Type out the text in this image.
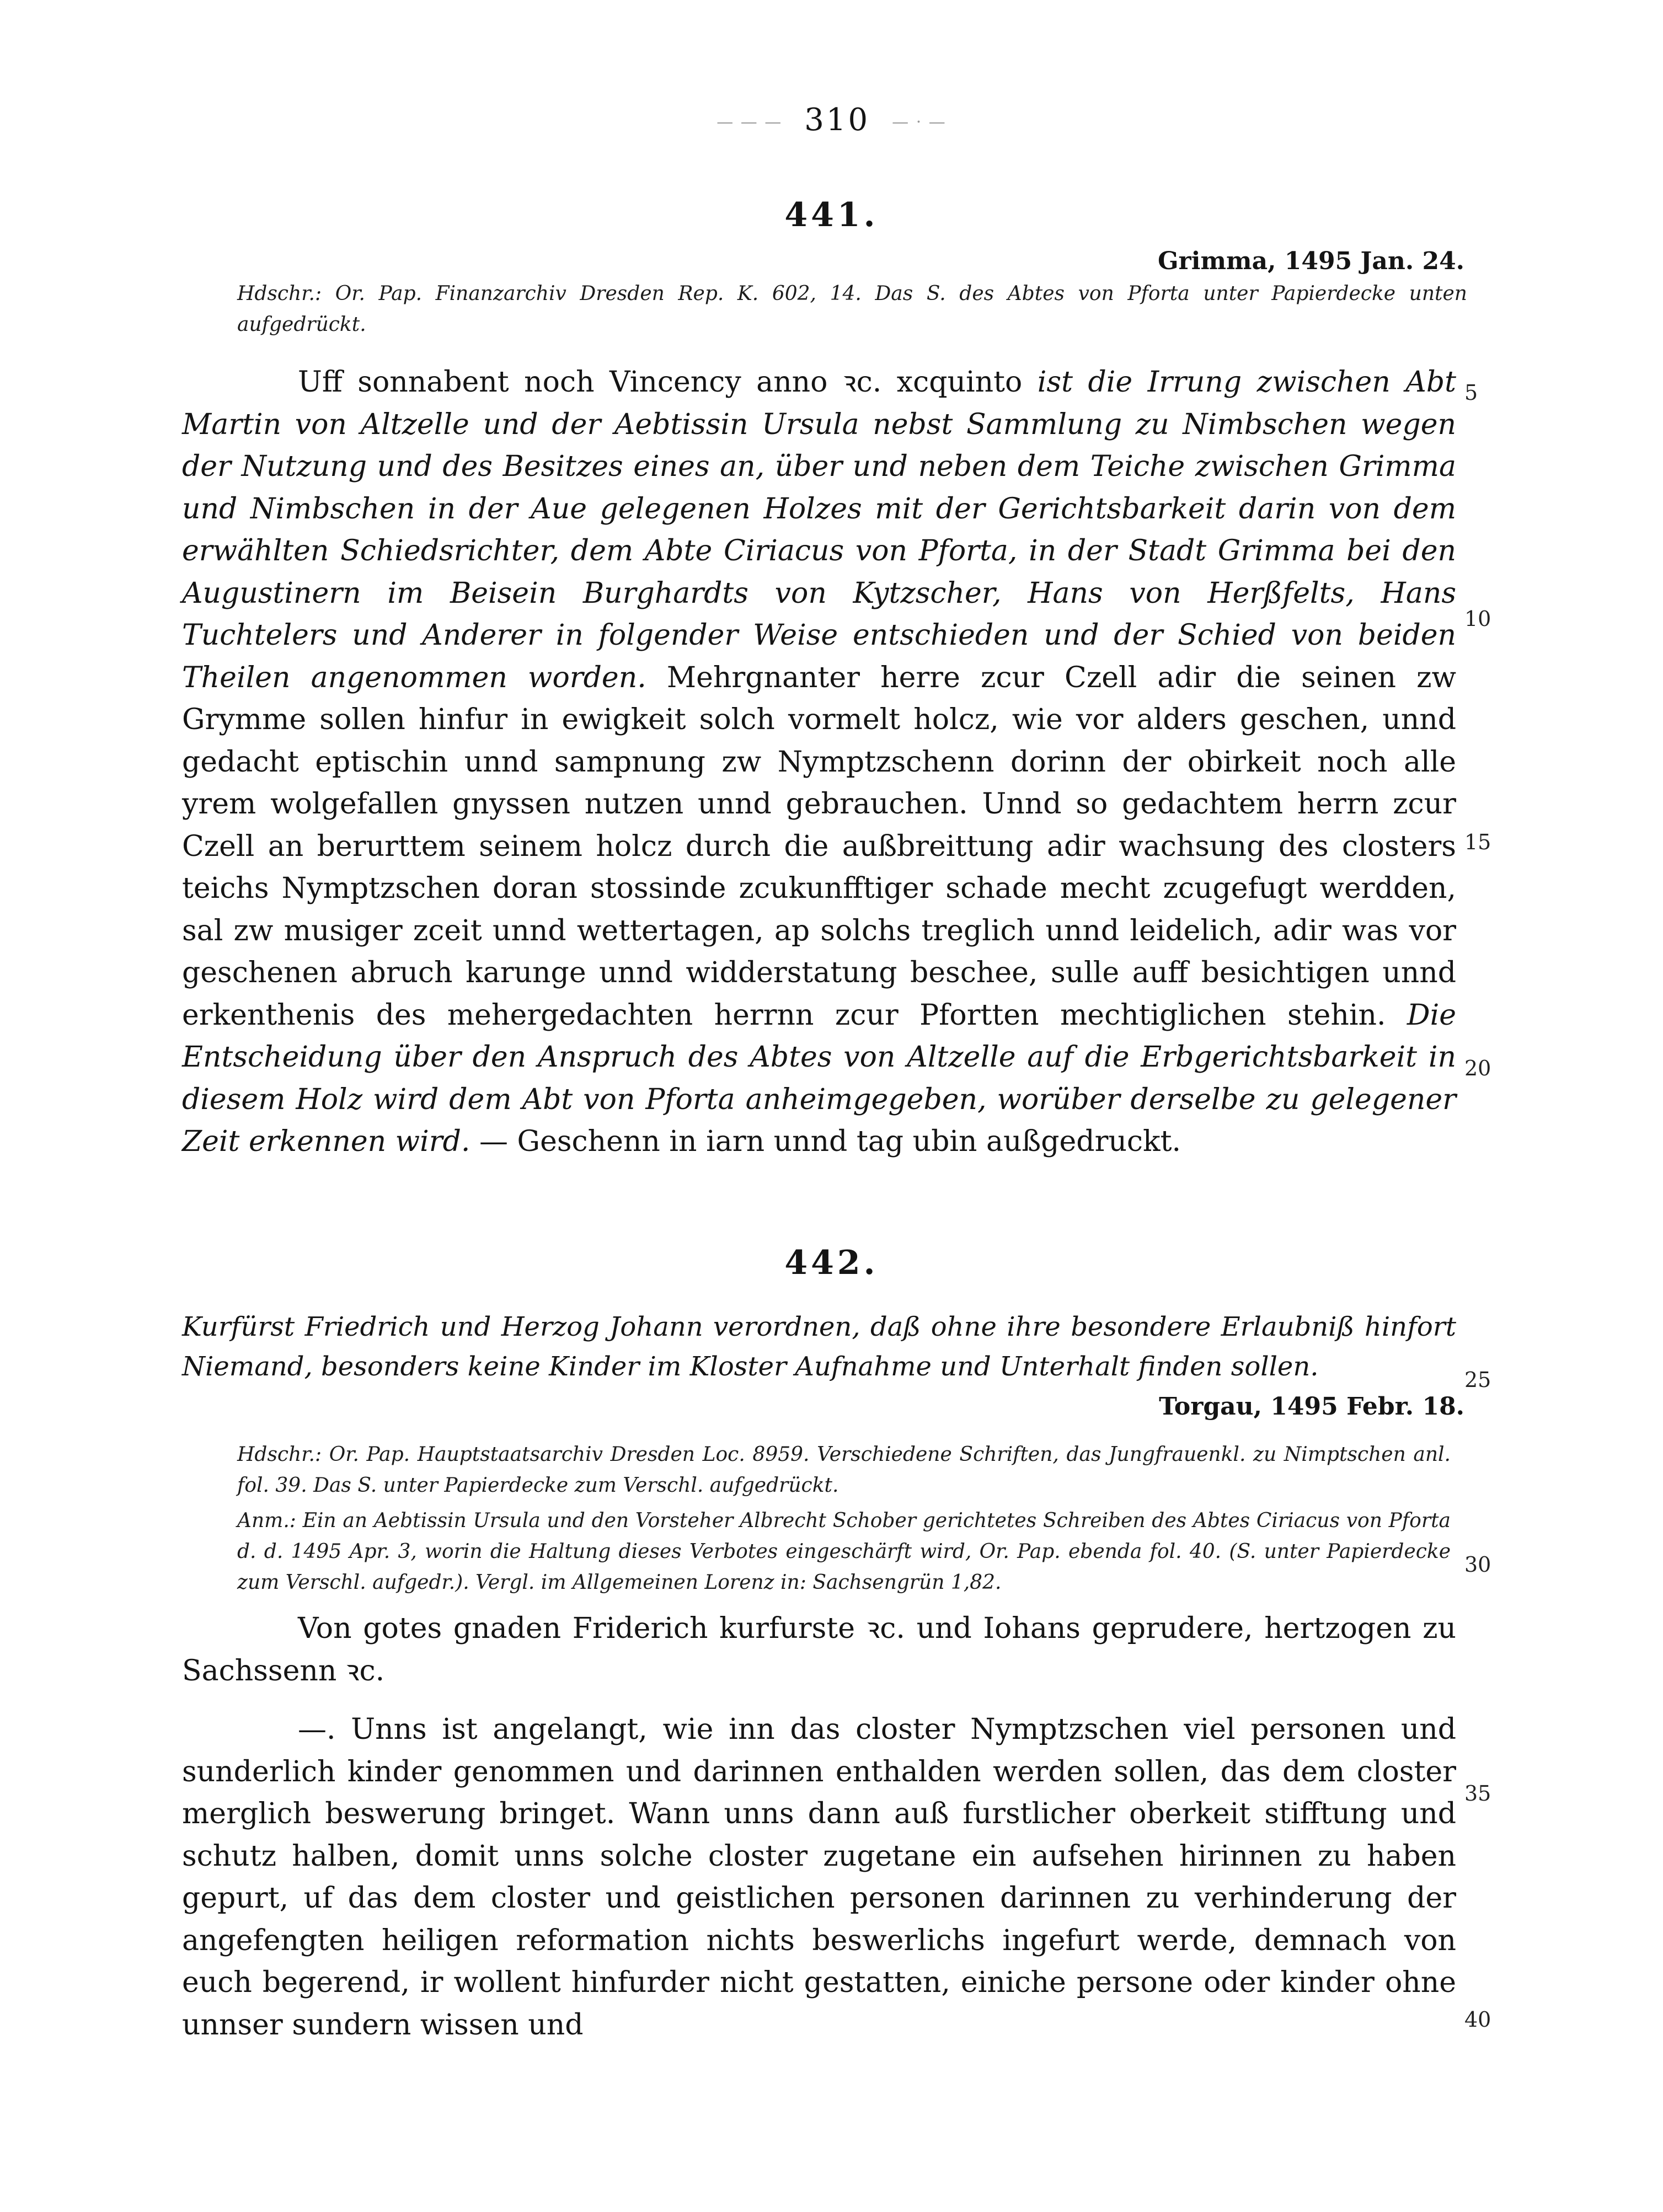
— — — 310 — · —
441.
Grimma, 1495 Jan. 24.
Hdschr.: Or. Pap. Finanzarchiv Dresden Rep. K. 602, 14. Das S. des Abtes von Pforta unter Papierdecke unten aufgedrückt.

Uff sonnabent noch Vincency anno ꝛc. xcquinto ist die Irrung zwischen Abt Martin von Altzelle und der Aebtissin Ursula nebst Sammlung zu Nimbschen wegen der Nutzung und des Besitzes eines an, über und neben dem Teiche zwischen Grimma und Nimbschen in der Aue gelegenen Holzes mit der Gerichtsbarkeit darin von dem erwählten Schiedsrichter, dem Abte Ciriacus von Pforta, in der Stadt Grimma bei den Augustinern im Beisein Burghardts von Kytzscher, Hans von Herßfelts, Hans Tuchtelers und Anderer in folgender Weise entschieden und der Schied von beiden Theilen angenommen worden. Mehrgnanter herre zcur Czell adir die seinen zw Grymme sollen hinfur in ewigkeit solch vormelt holcz, wie vor alders geschen, unnd gedacht eptischin unnd sampnung zw Nymptzschenn dorinn der obirkeit noch alle yrem wolgefallen gnyssen nutzen unnd gebrauchen. Unnd so gedachtem herrn zcur Czell an berurttem seinem holcz durch die außbreittung adir wachsung des closters teichs Nymptzschen doran stossinde zcukunfftiger schade mecht zcugefugt werdden, sal zw musiger zceit unnd wettertagen, ap solchs treglich unnd leidelich, adir was vor geschenen abruch karunge unnd widderstatung beschee, sulle auff besichtigen unnd erkenthenis des mehergedachten herrnn zcur Pfortten mechtiglichen stehin. Die Entscheidung über den Anspruch des Abtes von Altzelle auf die Erbgerichtsbarkeit in diesem Holz wird dem Abt von Pforta anheimgegeben, worüber derselbe zu gelegener Zeit erkennen wird. — Geschenn in iarn unnd tag ubin außgedruckt.

442.
Kurfürst Friedrich und Herzog Johann verordnen, daß ohne ihre besondere Erlaubniß hinfort Niemand, besonders keine Kinder im Kloster Aufnahme und Unterhalt finden sollen.
Torgau, 1495 Febr. 18.
Hdschr.: Or. Pap. Hauptstaatsarchiv Dresden Loc. 8959. Verschiedene Schriften, das Jungfrauenkl. zu Nimptschen anl. fol. 39. Das S. unter Papierdecke zum Verschl. aufgedrückt.
Anm.: Ein an Aebtissin Ursula und den Vorsteher Albrecht Schober gerichtetes Schreiben des Abtes Ciriacus von Pforta d. d. 1495 Apr. 3, worin die Haltung dieses Verbotes eingeschärft wird, Or. Pap. ebenda fol. 40. (S. unter Papierdecke zum Verschl. aufgedr.). Vergl. im Allgemeinen Lorenz in: Sachsengrün 1,82.

Von gotes gnaden Friderich kurfurste ꝛc. und Iohans geprudere, hertzogen zu Sachssenn ꝛc.

—. Unns ist angelangt, wie inn das closter Nymptzschen viel personen und sunderlich kinder genommen und darinnen enthalden werden sollen, das dem closter merglich beswerung bringet. Wann unns dann auß furstlicher oberkeit stifftung und schutz halben, domit unns solche closter zugetane ein aufsehen hirinnen zu haben gepurt, uf das dem closter und geistlichen personen darinnen zu verhinderung der angefengten heiligen reformation nichts beswerlichs ingefurt werde, demnach von euch begerend, ir wollent hinfurder nicht gestatten, einiche persone oder kinder ohne unnser sundern wissen und

5
10
15
20
25
30
35
40
